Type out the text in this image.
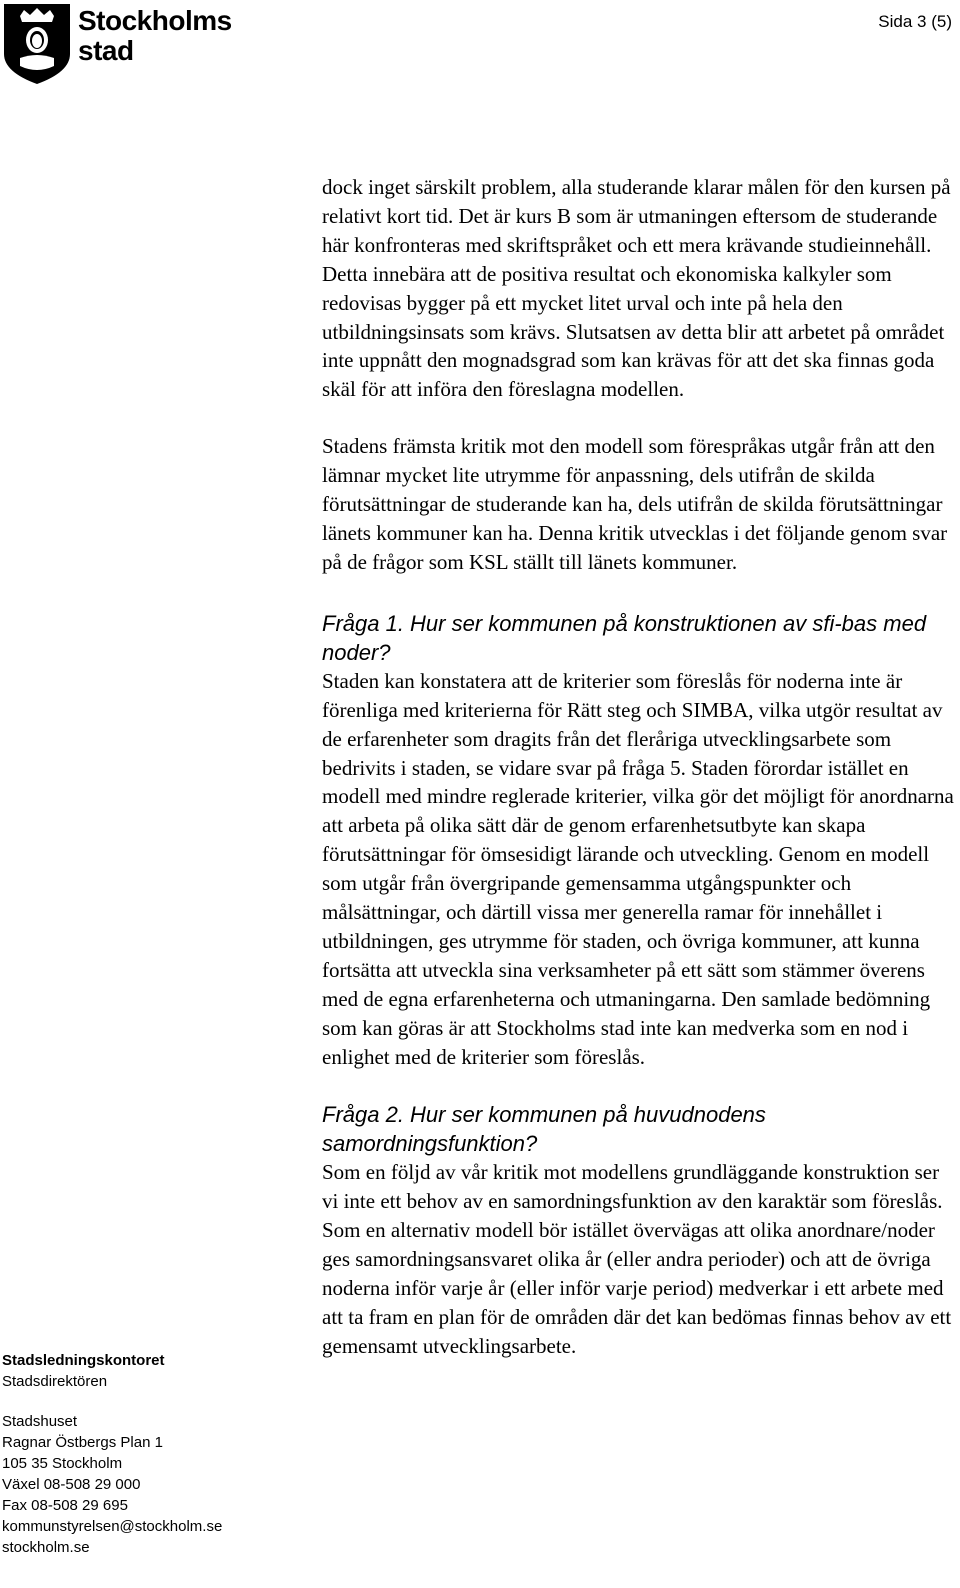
Stockholms
stad
Sida 3 (5)

dock inget särskilt problem, alla studerande klarar målen för den kursen på relativt kort tid. Det är kurs B som är utmaningen eftersom de studerande här konfronteras med skriftspråket och ett mera krävande studieinnehåll. Detta innebära att de positiva resultat och ekonomiska kalkyler som redovisas bygger på ett mycket litet urval och inte på hela den utbildningsinsats som krävs. Slutsatsen av detta blir att arbetet på området inte uppnått den mognadsgrad som kan krävas för att det ska finnas goda skäl för att införa den föreslagna modellen.

Stadens främsta kritik mot den modell som förespråkas utgår från att den lämnar mycket lite utrymme för anpassning, dels utifrån de skilda förutsättningar de studerande kan ha, dels utifrån de skilda förutsättningar länets kommuner kan ha. Denna kritik utvecklas i det följande genom svar på de frågor som KSL ställt till länets kommuner.

Fråga 1. Hur ser kommunen på konstruktionen av sfi-bas med noder?

Staden kan konstatera att de kriterier som föreslås för noderna inte är förenliga med kriterierna för Rätt steg och SIMBA, vilka utgör resultat av de erfarenheter som dragits från det fleråriga utvecklingsarbete som bedrivits i staden, se vidare svar på fråga 5. Staden förordar istället en modell med mindre reglerade kriterier, vilka gör det möjligt för anordnarna att arbeta på olika sätt där de genom erfarenhetsutbyte kan skapa förutsättningar för ömsesidigt lärande och utveckling. Genom en modell som utgår från övergripande gemensamma utgångspunkter och målsättningar, och därtill vissa mer generella ramar för innehållet i utbildningen, ges utrymme för staden, och övriga kommuner, att kunna fortsätta att utveckla sina verksamheter på ett sätt som stämmer överens med de egna erfarenheterna och utmaningarna. Den samlade bedömning som kan göras är att Stockholms stad inte kan medverka som en nod i enlighet med de kriterier som föreslås.

Fråga 2. Hur ser kommunen på huvudnodens samordningsfunktion?

Som en följd av vår kritik mot modellens grundläggande konstruktion ser vi inte ett behov av en samordningsfunktion av den karaktär som föreslås. Som en alternativ modell bör istället övervägas att olika anordnare/noder ges samordningsansvaret olika år (eller andra perioder) och att de övriga noderna inför varje år (eller inför varje period) medverkar i ett arbete med att ta fram en plan för de områden där det kan bedömas finnas behov av ett gemensamt utvecklingsarbete.

Stadsledningskontoret
Stadsdirektören
Stadshuset
Ragnar Östbergs Plan 1
105 35 Stockholm
Växel 08-508 29 000
Fax 08-508 29 695
kommunstyrelsen@stockholm.se
stockholm.se
